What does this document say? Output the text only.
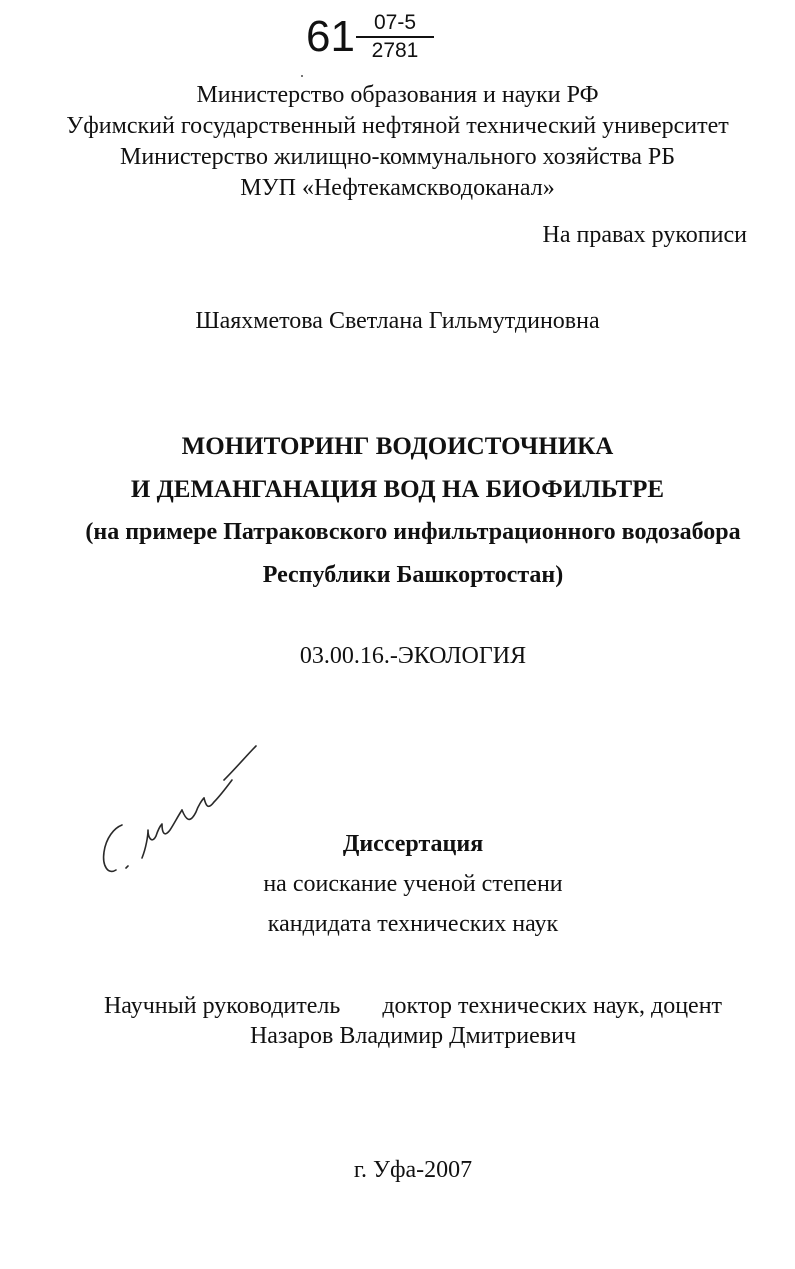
61 07-5
2781
Министерство образования и науки РФ
Уфимский государственный нефтяной технический университет
Министерство жилищно-коммунального хозяйства РБ
МУП «Нефтекамскводоканал»
На правах рукописи
Шаяхметова Светлана Гильмутдиновна
МОНИТОРИНГ ВОДОИСТОЧНИКА
И ДЕМАНГАНАЦИЯ ВОД НА БИОФИЛЬТРЕ
(на примере Патраковского инфильтрационного водозабора
Республики Башкортостан)
03.00.16.-ЭКОЛОГИЯ
Диссертация
на соискание ученой степени
кандидата технических наук
Научный руководитель доктор технических наук, доцент
Назаров Владимир Дмитриевич
г. Уфа-2007
